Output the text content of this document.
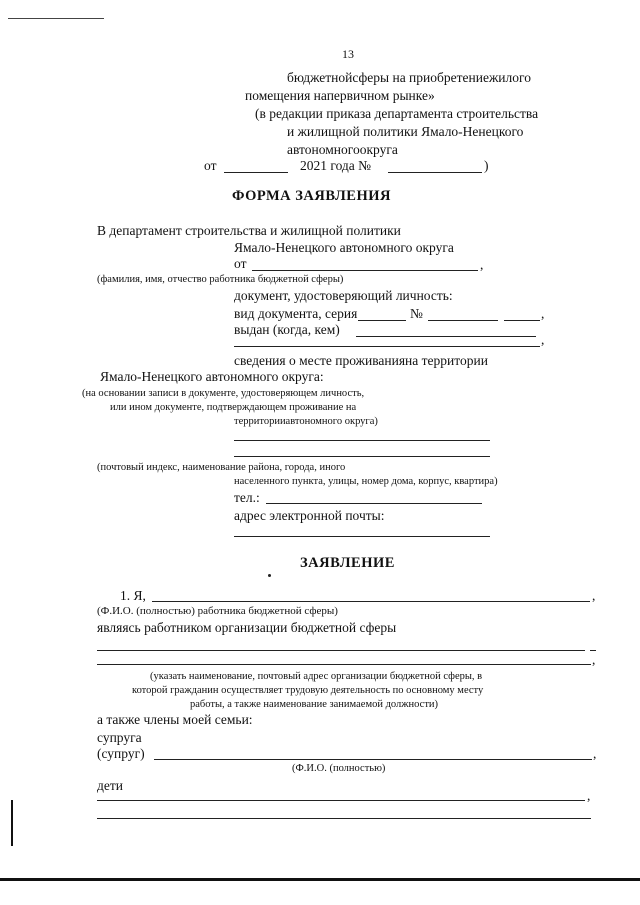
13
бюджетнойсферы на приобретениежилого
помещения напервичном рынке»
(в редакции приказа департамента строительства
и жилищной политики Ямало-Ненецкого
автономногоокруга
от	2021 года №	)
ФОРМА ЗАЯВЛЕНИЯ
В департамент строительства и жилищной политики
Ямало-Ненецкого автономного округа
от	,
(фамилия, имя, отчество работника бюджетной сферы)
документ, удостоверяющий личность:
вид документа, серия	№	,
выдан (когда, кем)
,
сведения о месте проживанияна территории
Ямало-Ненецкого автономного округа:
(на основании записи в документе, удостоверяющем личность,
или ином документе, подтверждающем проживание на
территорииавтономного округа)
(почтовый индекс, наименование района, города, иного
населенного пункта, улицы, номер дома, корпус, квартира)
тел.:
адрес электронной почты:
ЗАЯВЛЕНИЕ
1. Я,	,
(Ф.И.О. (полностью) работника бюджетной сферы)
являясь работником организации бюджетной сферы
,
(указать наименование, почтовый адрес организации бюджетной сферы, в
которой гражданин осуществляет трудовую деятельность по основному месту
работы, а также наименование занимаемой должности)
а также члены моей семьи:
супруга
(супруг)	,
(Ф.И.О. (полностью)
дети
,
